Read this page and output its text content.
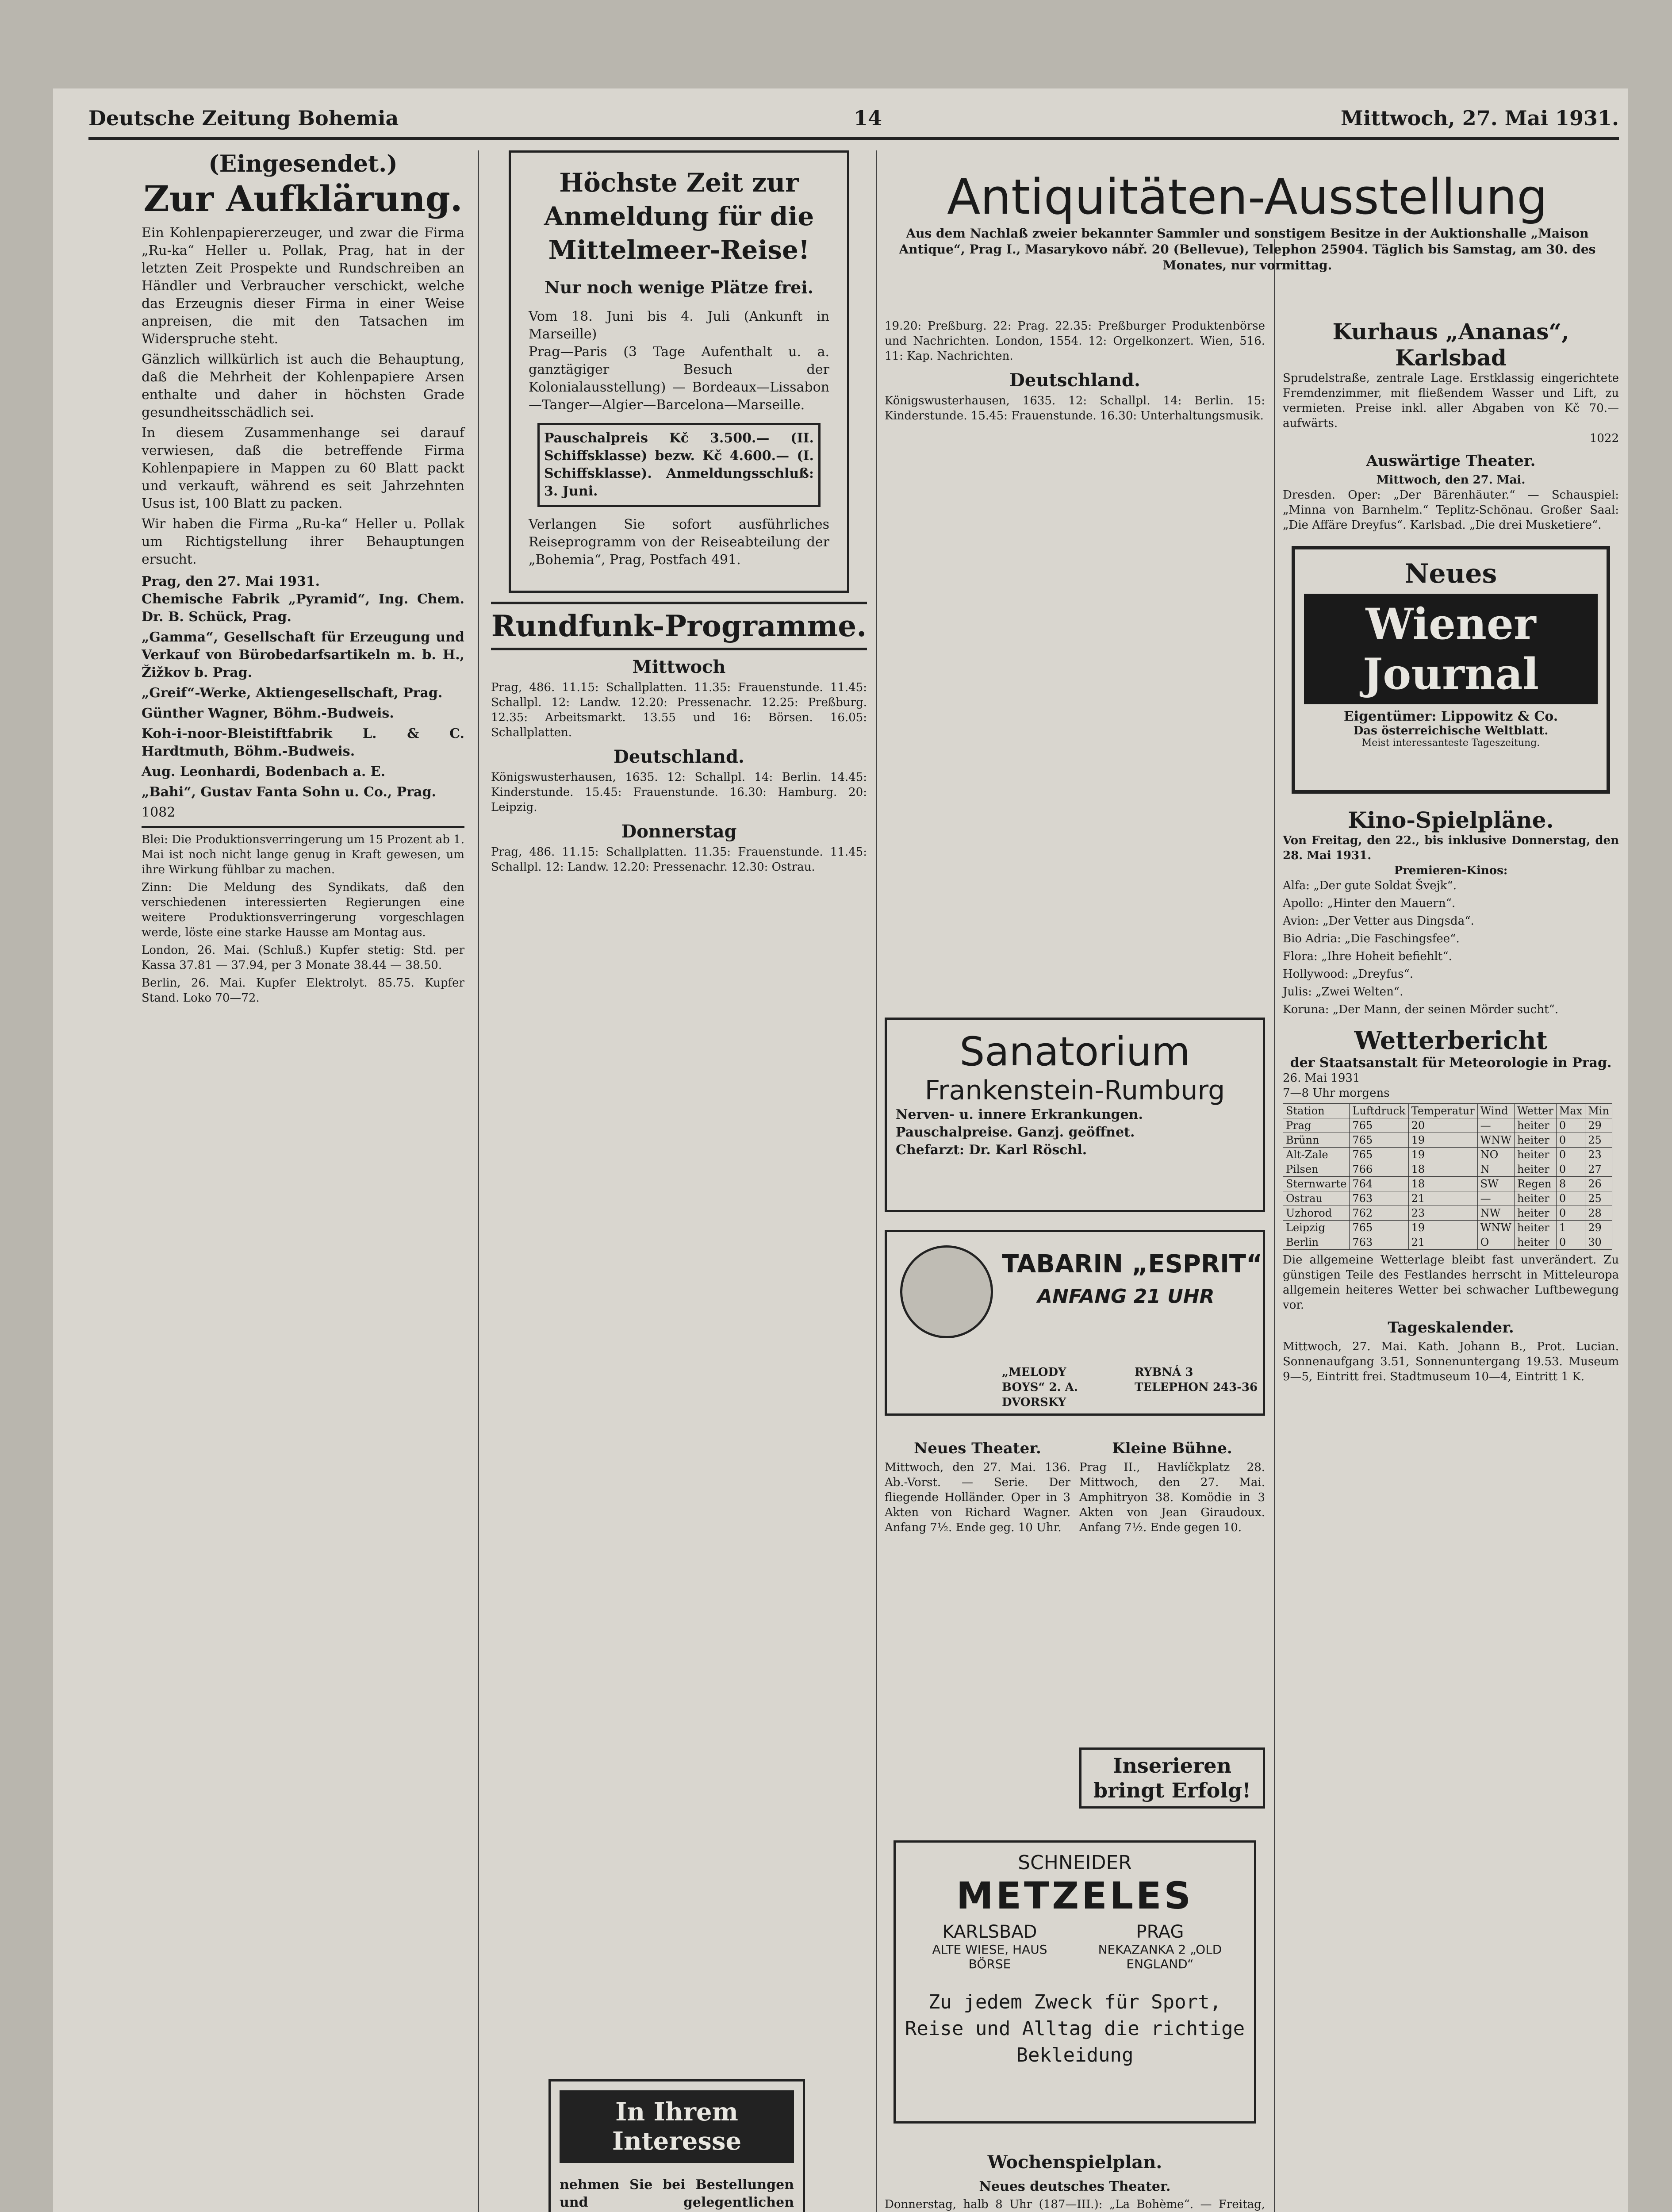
Deutsche Zeitung Bohemia	14	Mittwoch, 27. Mai 1931.
(Eingesendet.)
Zur Aufklärung.

Ein Kohlenpapiererzeuger, und zwar die Firma „Ru-ka“ Heller u. Pollak, Prag, hat in der letzten Zeit Prospekte und Rundschreiben an Händler und Verbraucher verschickt, welche das Erzeugnis dieser Firma in einer Weise anpreisen, die mit den Tatsachen im Widerspruche steht.

Gänzlich willkürlich ist auch die Behauptung, daß die Mehrheit der Kohlenpapiere Arsen enthalte und daher in höchsten Grade gesundheitsschädlich sei.

In diesem Zusammenhange sei darauf verwiesen, daß die betreffende Firma Kohlenpapiere in Mappen zu 60 Blatt packt und verkauft, während es seit Jahrzehnten Usus ist, 100 Blatt zu packen.

Wir haben die Firma „Ru-ka“ Heller u. Pollak um Richtigstellung ihrer Behauptungen ersucht.

Prag, den 27. Mai 1931.

Chemische Fabrik „Pyramid“, Ing. Chem. Dr. B. Schück, Prag.

„Gamma“, Gesellschaft für Erzeugung und Verkauf von Bürobedarfsartikeln m. b. H., Žižkov b. Prag.

„Greif“-Werke, Aktiengesellschaft, Prag.

Günther Wagner, Böhm.-Budweis.

Koh-i-noor-Bleistiftfabrik L. & C. Hardtmuth, Böhm.-Budweis.

Aug. Leonhardi, Bodenbach a. E.

„Bahi“, Gustav Fanta Sohn u. Co., Prag.

1082

Blei: Die Produktionsverringerung um 15 Prozent ab 1. Mai ist noch nicht lange genug in Kraft gewesen, um ihre Wirkung fühlbar zu machen.

Zinn: Die Meldung des Syndikats, daß den verschiedenen interessierten Regierungen eine weitere Produktionsverringerung vorgeschlagen werde, löste eine starke Hausse am Montag aus.

London, 26. Mai. (Schluß.) Kupfer stetig: Std. per Kassa 37.81 — 37.94, per 3 Monate 38.44 — 38.50.

Berlin, 26. Mai. Kupfer Elektrolyt. 85.75. Kupfer Stand. Loko 70—72.

Höchste Zeit zur Anmeldung für die Mittelmeer-Reise!
Nur noch wenige Plätze frei.
Vom 18. Juni bis 4. Juli (Ankunft in Marseille)
Prag—Paris (3 Tage Aufenthalt u. a. ganztägiger Besuch der Kolonialausstellung) — Bordeaux—Lissabon—Tanger—Algier—Barcelona—Marseille.
Pauschalpreis Kč 3.500.— (II. Schiffsklasse) bezw. Kč 4.600.— (I. Schiffsklasse). Anmeldungsschluß: 3. Juni.
Verlangen Sie sofort ausführliches Reiseprogramm von der Reiseabteilung der „Bohemia“, Prag, Postfach 491.
Rundfunk-Programme.
Mittwoch
Prag, 486. 11.15: Schallplatten. 11.35: Frauenstunde. 11.45: Schallpl. 12: Landw. 12.20: Pressenachr. 12.25: Preßburg. 12.35: Arbeitsmarkt. 13.55 und 16: Börsen. 16.05: Schallplatten.
Deutschland.
Königswusterhausen, 1635. 12: Schallpl. 14: Berlin. 14.45: Kinderstunde. 15.45: Frauenstunde. 16.30: Hamburg. 20: Leipzig.
Donnerstag
Prag, 486. 11.15: Schallplatten. 11.35: Frauenstunde. 11.45: Schallpl. 12: Landw. 12.20: Pressenachr. 12.30: Ostrau.
In Ihrem Interesse
nehmen Sie bei Bestellungen und gelegentlichen
Antiquitäten-Ausstellung
Aus dem Nachlaß zweier bekannter Sammler und sonstigem Besitze in der Auktionshalle „Maison Antique“, Prag I., Masarykovo nábř. 20 (Bellevue), Telephon 25904. Täglich bis Samstag, am 30. des Monates, nur vormittag.
19.20: Preßburg. 22: Prag. 22.35: Preßburger Produktenbörse und Nachrichten. London, 1554. 12: Orgelkonzert. Wien, 516. 11: Kap. Nachrichten.
Deutschland.
Königswusterhausen, 1635. 12: Schallpl. 14: Berlin. 15: Kinderstunde. 15.45: Frauenstunde. 16.30: Unterhaltungsmusik.
Sanatorium
Frankenstein-Rumburg
Nerven- u. innere Erkrankungen.
Pauschalpreise. Ganzj. geöffnet.
Chefarzt: Dr. Karl Röschl.
TABARIN „ESPRIT“
ANFANG 21 UHR
„MELODY BOYS“ 2. A. DVORSKY
RYBNÁ 3 TELEPHON 243-36
Neues Theater.
Mittwoch, den 27. Mai. 136. Ab.-Vorst. — Serie. Der fliegende Holländer. Oper in 3 Akten von Richard Wagner. Anfang 7½. Ende geg. 10 Uhr.
Kleine Bühne.
Prag II., Havlíčkplatz 28. Mittwoch, den 27. Mai. Amphitryon 38. Komödie in 3 Akten von Jean Giraudoux. Anfang 7½. Ende gegen 10.
Inserieren bringt Erfolg!
SCHNEIDER
METZELES
KARLSBAD
ALTE WIESE, HAUS BÖRSE
PRAG
NEKAZANKA 2 „OLD ENGLAND“
Zu jedem Zweck für Sport, Reise und Alltag die richtige Bekleidung
Wochenspielplan.
Neues deutsches Theater.
Donnerstag, halb 8 Uhr (187—III.): „La Bohème“. — Freitag,
Kurhaus „Ananas“, Karlsbad
Sprudelstraße, zentrale Lage. Erstklassig eingerichtete Fremdenzimmer, mit fließendem Wasser und Lift, zu vermieten. Preise inkl. aller Abgaben von Kč 70.— aufwärts.
1022
Auswärtige Theater.
Mittwoch, den 27. Mai.
Dresden. Oper: „Der Bärenhäuter.“ — Schauspiel: „Minna von Barnhelm.“ Teplitz-Schönau. Großer Saal: „Die Affäre Dreyfus“. Karlsbad. „Die drei Musketiere“.
Neues
Wiener Journal
Eigentümer: Lippowitz & Co.
Das österreichische Weltblatt.
Meist interessanteste Tageszeitung.
Kino-Spielpläne.
Von Freitag, den 22., bis inklusive Donnerstag, den 28. Mai 1931.
Premieren-Kinos:

Alfa: „Der gute Soldat Švejk“.

Apollo: „Hinter den Mauern“.

Avion: „Der Vetter aus Dingsda“.

Bio Adria: „Die Faschingsfee“.

Flora: „Ihre Hoheit befiehlt“.

Hollywood: „Dreyfus“.

Julis: „Zwei Welten“.

Koruna: „Der Mann, der seinen Mörder sucht“.

Wetterbericht
der Staatsanstalt für Meteorologie in Prag.
26. Mai 1931
7—8 Uhr morgens
Station	Luftdruck	Temperatur	Wind	Wetter	Max	Min
Prag	765	20	—	heiter	0	29
Brünn	765	19	WNW	heiter	0	25
Alt-Zale	765	19	NO	heiter	0	23
Pilsen	766	18	N	heiter	0	27
Sternwarte	764	18	SW	Regen	8	26
Ostrau	763	21	—	heiter	0	25
Uzhorod	762	23	NW	heiter	0	28
Leipzig	765	19	WNW	heiter	1	29
Berlin	763	21	O	heiter	0	30
Die allgemeine Wetterlage bleibt fast unverändert. Zu günstigen Teile des Festlandes herrscht in Mitteleuropa allgemein heiteres Wetter bei schwacher Luftbewegung vor.
Tageskalender.
Mittwoch, 27. Mai. Kath. Johann B., Prot. Lucian. Sonnenaufgang 3.51, Sonnenuntergang 19.53. Museum 9—5, Eintritt frei. Stadtmuseum 10—4, Eintritt 1 K.
